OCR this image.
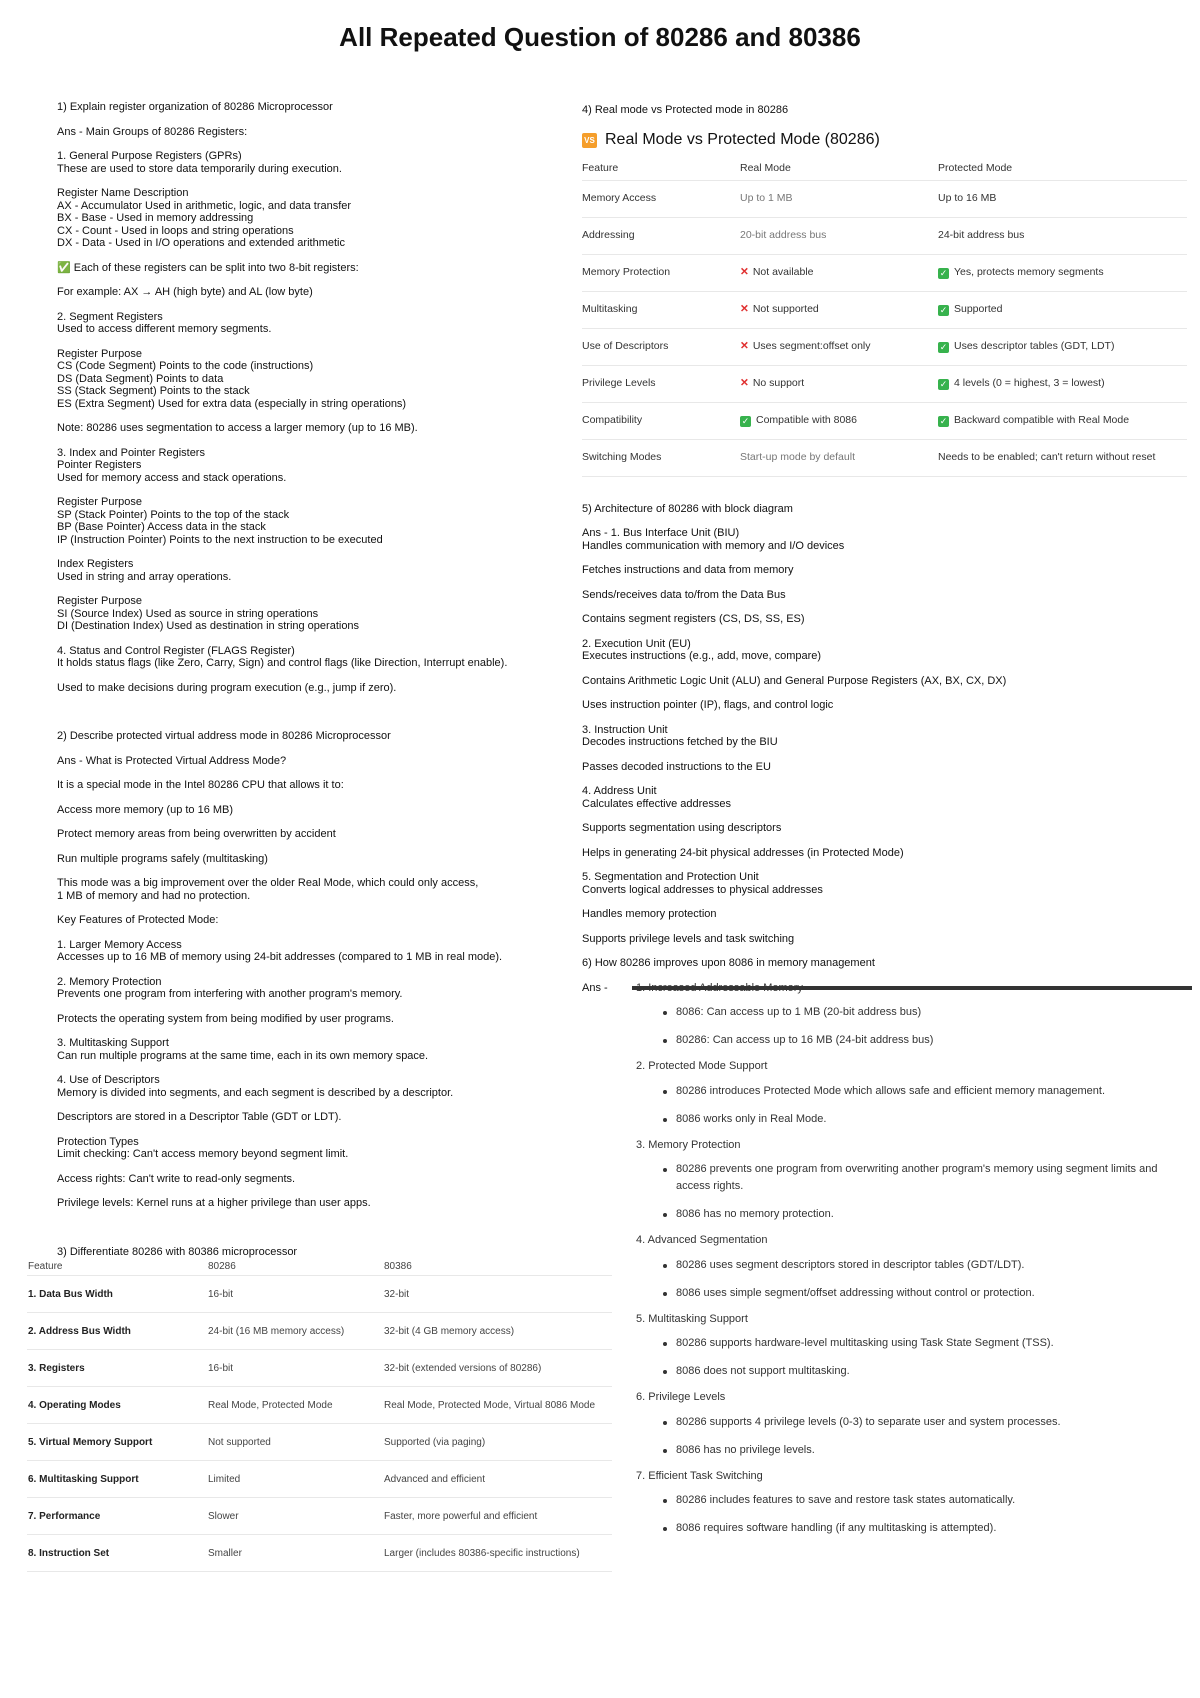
All Repeated Question of 80286 and 80386
1) Explain register organization of 80286 Microprocessor
Ans - Main Groups of 80286 Registers:
1. General Purpose Registers (GPRs)
These are used to store data temporarily during execution.
Register Name Description
AX - Accumulator Used in arithmetic, logic, and data transfer
BX - Base - Used in memory addressing
CX - Count - Used in loops and string operations
DX - Data - Used in I/O operations and extended arithmetic
✅ Each of these registers can be split into two 8-bit registers:
For example: AX → AH (high byte) and AL (low byte)
2. Segment Registers
Used to access different memory segments.
Register Purpose
CS (Code Segment) Points to the code (instructions)
DS (Data Segment) Points to data
SS (Stack Segment) Points to the stack
ES (Extra Segment) Used for extra data (especially in string operations)
Note: 80286 uses segmentation to access a larger memory (up to 16 MB).
3. Index and Pointer Registers
Pointer Registers
Used for memory access and stack operations.
Register Purpose
SP (Stack Pointer) Points to the top of the stack
BP (Base Pointer) Access data in the stack
IP (Instruction Pointer) Points to the next instruction to be executed
Index Registers
Used in string and array operations.
Register Purpose
SI (Source Index) Used as source in string operations
DI (Destination Index) Used as destination in string operations
4. Status and Control Register (FLAGS Register)
It holds status flags (like Zero, Carry, Sign) and control flags (like Direction, Interrupt enable).
Used to make decisions during program execution (e.g., jump if zero).
2) Describe protected virtual address mode in 80286 Microprocessor
Ans - What is Protected Virtual Address Mode?
It is a special mode in the Intel 80286 CPU that allows it to:
Access more memory (up to 16 MB)
Protect memory areas from being overwritten by accident
Run multiple programs safely (multitasking)
This mode was a big improvement over the older Real Mode, which could only access,
1 MB of memory and had no protection.
Key Features of Protected Mode:
1. Larger Memory Access
Accesses up to 16 MB of memory using 24-bit addresses (compared to 1 MB in real mode).
2. Memory Protection
Prevents one program from interfering with another program's memory.
Protects the operating system from being modified by user programs.
3. Multitasking Support
Can run multiple programs at the same time, each in its own memory space.
4. Use of Descriptors
Memory is divided into segments, and each segment is described by a descriptor.
Descriptors are stored in a Descriptor Table (GDT or LDT).
Protection Types
Limit checking: Can't access memory beyond segment limit.
Access rights: Can't write to read-only segments.
Privilege levels: Kernel runs at a higher privilege than user apps.
3) Differentiate 80286 with 80386 microprocessor
Feature	80286	80386
1. Data Bus Width	16-bit	32-bit
2. Address Bus Width	24-bit (16 MB memory access)	32-bit (4 GB memory access)
3. Registers	16-bit	32-bit (extended versions of 80286)
4. Operating Modes	Real Mode, Protected Mode	Real Mode, Protected Mode, Virtual 8086 Mode
5. Virtual Memory Support	Not supported	Supported (via paging)
6. Multitasking Support	Limited	Advanced and efficient
7. Performance	Slower	Faster, more powerful and efficient
8. Instruction Set	Smaller	Larger (includes 80386-specific instructions)
4) Real mode vs Protected mode in 80286
VS Real Mode vs Protected Mode (80286)
Feature	Real Mode	Protected Mode
Memory Access	Up to 1 MB	Up to 16 MB
Addressing	20-bit address bus	24-bit address bus
Memory Protection	✕ Not available	✓ Yes, protects memory segments
Multitasking	✕ Not supported	✓ Supported
Use of Descriptors	✕ Uses segment:offset only	✓ Uses descriptor tables (GDT, LDT)
Privilege Levels	✕ No support	✓ 4 levels (0 = highest, 3 = lowest)
Compatibility	✓ Compatible with 8086	✓ Backward compatible with Real Mode
Switching Modes	Start-up mode by default	Needs to be enabled; can't return without reset
5) Architecture of 80286 with block diagram
Ans - 1. Bus Interface Unit (BIU)
Handles communication with memory and I/O devices
Fetches instructions and data from memory
Sends/receives data to/from the Data Bus
Contains segment registers (CS, DS, SS, ES)
2. Execution Unit (EU)
Executes instructions (e.g., add, move, compare)
Contains Arithmetic Logic Unit (ALU) and General Purpose Registers (AX, BX, CX, DX)
Uses instruction pointer (IP), flags, and control logic
3. Instruction Unit
Decodes instructions fetched by the BIU
Passes decoded instructions to the EU
4. Address Unit
Calculates effective addresses
Supports segmentation using descriptors
Helps in generating 24-bit physical addresses (in Protected Mode)
5. Segmentation and Protection Unit
Converts logical addresses to physical addresses
Handles memory protection
Supports privilege levels and task switching
6) How 80286 improves upon 8086 in memory management
Ans -
8086: Can access up to 1 MB (20-bit address bus)
80286: Can access up to 16 MB (24-bit address bus)
2. Protected Mode Support
80286 introduces Protected Mode which allows safe and efficient memory management.
8086 works only in Real Mode.
3. Memory Protection
80286 prevents one program from overwriting another program's memory using segment limits and access rights.
8086 has no memory protection.
4. Advanced Segmentation
80286 uses segment descriptors stored in descriptor tables (GDT/LDT).
8086 uses simple segment/offset addressing without control or protection.
5. Multitasking Support
80286 supports hardware-level multitasking using Task State Segment (TSS).
8086 does not support multitasking.
6. Privilege Levels
80286 supports 4 privilege levels (0-3) to separate user and system processes.
8086 has no privilege levels.
7. Efficient Task Switching
80286 includes features to save and restore task states automatically.
8086 requires software handling (if any multitasking is attempted).
